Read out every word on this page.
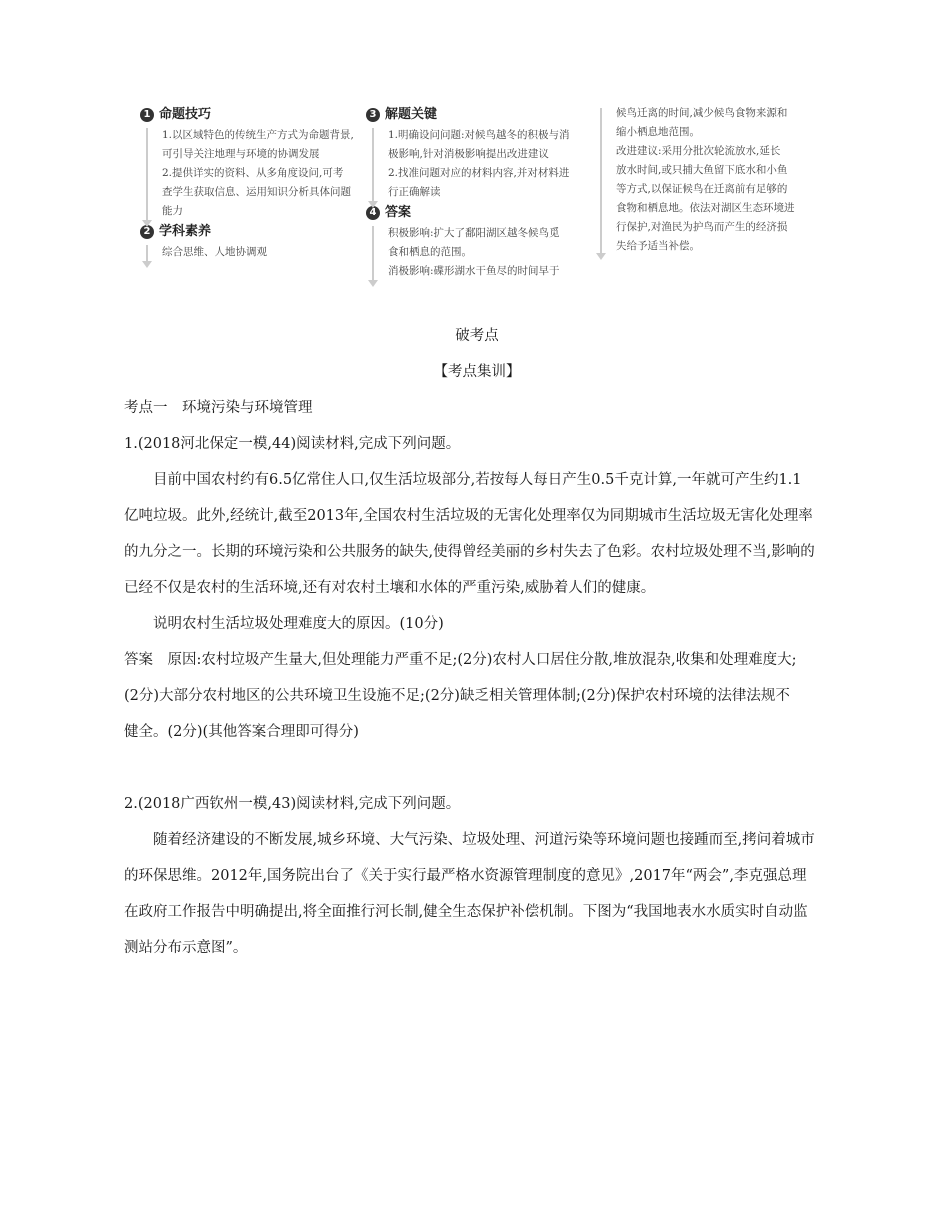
1 命题技巧

1.以区域特色的传统生产方式为命题背景,

可引导关注地理与环境的协调发展

2.提供详实的资料、从多角度设问,可考

查学生获取信息、运用知识分析具体问题

能力

2 学科素养

综合思维、人地协调观

3 解题关键

1.明确设问问题:对候鸟越冬的积极与消

极影响,针对消极影响提出改进建议

2.找准问题对应的材料内容,并对材料进

行正确解读

4 答案

积极影响:扩大了鄱阳湖区越冬候鸟觅

食和栖息的范围。

消极影响:碟形湖水干鱼尽的时间早于

候鸟迁离的时间,减少候鸟食物来源和

缩小栖息地范围。

改进建议:采用分批次轮流放水,延长

放水时间,或只捕大鱼留下底水和小鱼

等方式,以保证候鸟在迁离前有足够的

食物和栖息地。依法对湖区生态环境进

行保护,对渔民为护鸟而产生的经济损

失给予适当补偿。

破考点

【考点集训】

考点一　环境污染与环境管理

1.(2018河北保定一模,44)阅读材料,完成下列问题。

目前中国农村约有6.5亿常住人口,仅生活垃圾部分,若按每人每日产生0.5千克计算,一年就可产生约1.1

亿吨垃圾。此外,经统计,截至2013年,全国农村生活垃圾的无害化处理率仅为同期城市生活垃圾无害化处理率

的九分之一。长期的环境污染和公共服务的缺失,使得曾经美丽的乡村失去了色彩。农村垃圾处理不当,影响的

已经不仅是农村的生活环境,还有对农村土壤和水体的严重污染,威胁着人们的健康。

说明农村生活垃圾处理难度大的原因。(10分)

答案　原因:农村垃圾产生量大,但处理能力严重不足;(2分)农村人口居住分散,堆放混杂,收集和处理难度大;

(2分)大部分农村地区的公共环境卫生设施不足;(2分)缺乏相关管理体制;(2分)保护农村环境的法律法规不

健全。(2分)(其他答案合理即可得分)

2.(2018广西钦州一模,43)阅读材料,完成下列问题。

随着经济建设的不断发展,城乡环境、大气污染、垃圾处理、河道污染等环境问题也接踵而至,拷问着城市

的环保思维。2012年,国务院出台了《关于实行最严格水资源管理制度的意见》,2017年“两会”,李克强总理

在政府工作报告中明确提出,将全面推行河长制,健全生态保护补偿机制。下图为“我国地表水水质实时自动监

测站分布示意图”。
